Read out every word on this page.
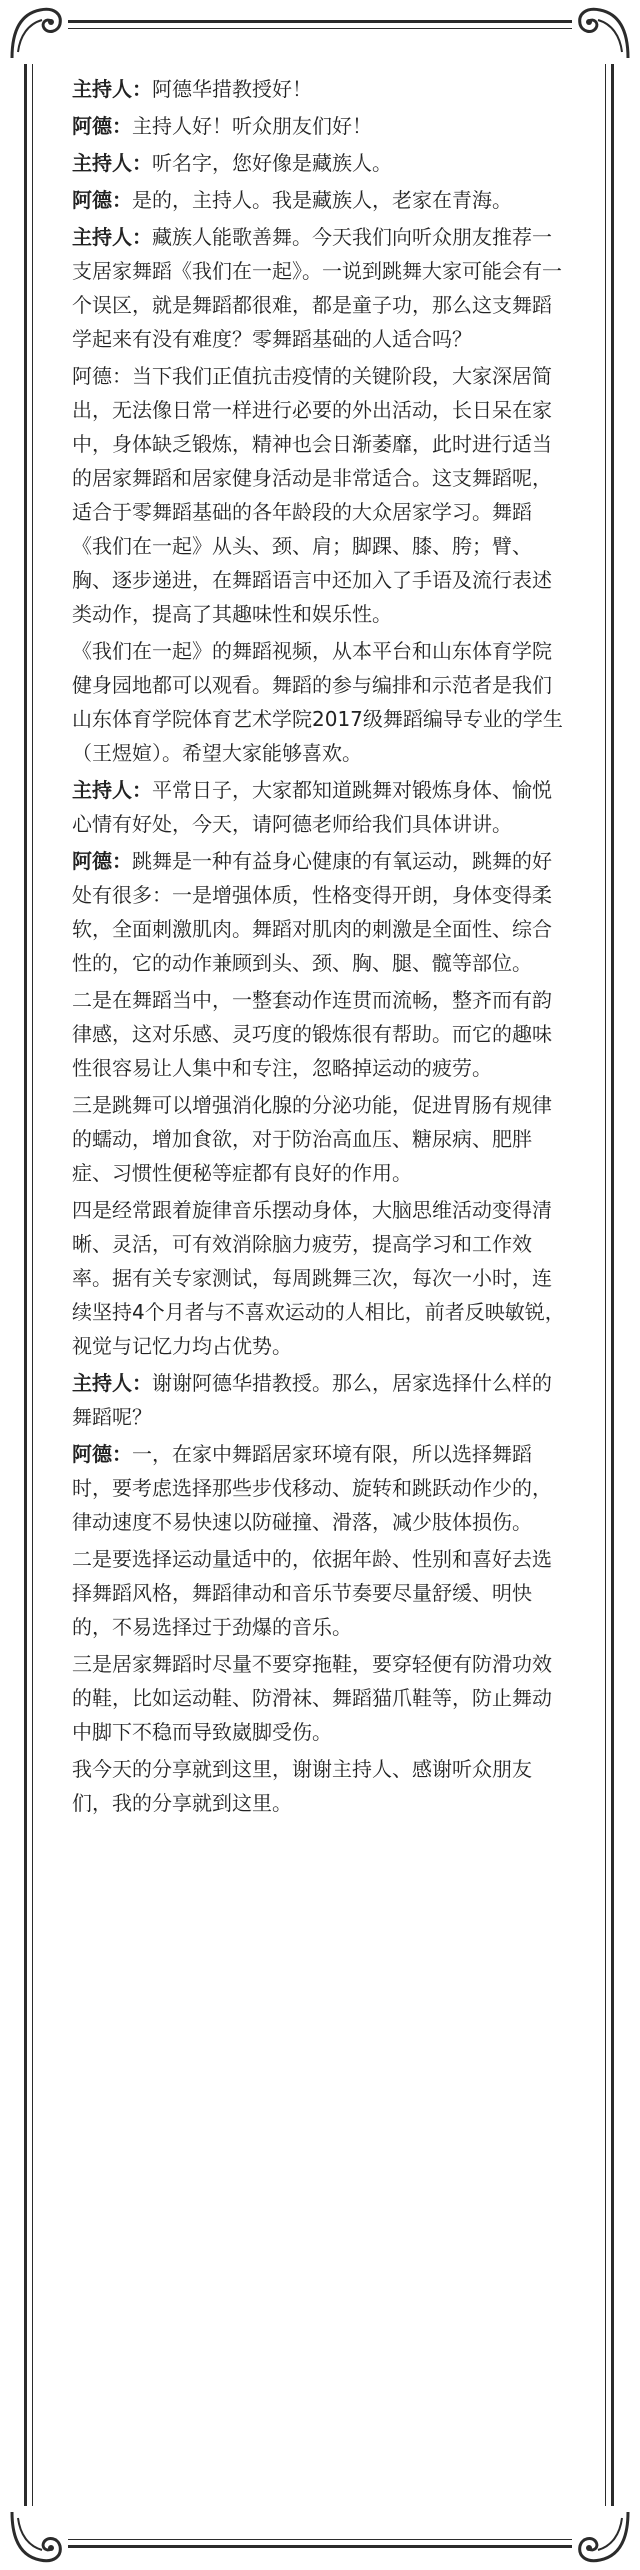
主持人：阿德华措教授好！

阿德：主持人好！听众朋友们好！

主持人：听名字，您好像是藏族人。

阿德：是的，主持人。我是藏族人，老家在青海。

主持人：藏族人能歌善舞。今天我们向听众朋友推荐一支居家舞蹈《我们在一起》。一说到跳舞大家可能会有一个误区，就是舞蹈都很难，都是童子功，那么这支舞蹈学起来有没有难度？零舞蹈基础的人适合吗？

阿德：当下我们正值抗击疫情的关键阶段，大家深居简出，无法像日常一样进行必要的外出活动，长日呆在家中，身体缺乏锻炼，精神也会日渐萎靡，此时进行适当的居家舞蹈和居家健身活动是非常适合。这支舞蹈呢，适合于零舞蹈基础的各年龄段的大众居家学习。舞蹈《我们在一起》从头、颈、肩；脚踝、膝、胯；臂、胸、逐步递进，在舞蹈语言中还加入了手语及流行表述类动作，提高了其趣味性和娱乐性。

《我们在一起》的舞蹈视频，从本平台和山东体育学院健身园地都可以观看。舞蹈的参与编排和示范者是我们山东体育学院体育艺术学院2017级舞蹈编导专业的学生（王煜媗）。希望大家能够喜欢。

主持人：平常日子，大家都知道跳舞对锻炼身体、愉悦心情有好处，今天，请阿德老师给我们具体讲讲。

阿德：跳舞是一种有益身心健康的有氧运动，跳舞的好处有很多：一是增强体质，性格变得开朗，身体变得柔软，全面刺激肌肉。舞蹈对肌肉的刺激是全面性、综合性的，它的动作兼顾到头、颈、胸、腿、髋等部位。

二是在舞蹈当中，一整套动作连贯而流畅，整齐而有韵律感，这对乐感、灵巧度的锻炼很有帮助。而它的趣味性很容易让人集中和专注，忽略掉运动的疲劳。

三是跳舞可以增强消化腺的分泌功能，促进胃肠有规律的蠕动，增加食欲，对于防治高血压、糖尿病、肥胖症、习惯性便秘等症都有良好的作用。

四是经常跟着旋律音乐摆动身体，大脑思维活动变得清晰、灵活，可有效消除脑力疲劳，提高学习和工作效率。据有关专家测试，每周跳舞三次，每次一小时，连续坚持4个月者与不喜欢运动的人相比，前者反映敏锐，视觉与记忆力均占优势。

主持人：谢谢阿德华措教授。那么，居家选择什么样的舞蹈呢？

阿德：一，在家中舞蹈居家环境有限，所以选择舞蹈时，要考虑选择那些步伐移动、旋转和跳跃动作少的，律动速度不易快速以防碰撞、滑落，减少肢体损伤。

二是要选择运动量适中的，依据年龄、性别和喜好去选择舞蹈风格，舞蹈律动和音乐节奏要尽量舒缓、明快的，不易选择过于劲爆的音乐。

三是居家舞蹈时尽量不要穿拖鞋，要穿轻便有防滑功效的鞋，比如运动鞋、防滑袜、舞蹈猫爪鞋等，防止舞动中脚下不稳而导致崴脚受伤。

我今天的分享就到这里，谢谢主持人、感谢听众朋友们，我的分享就到这里。
